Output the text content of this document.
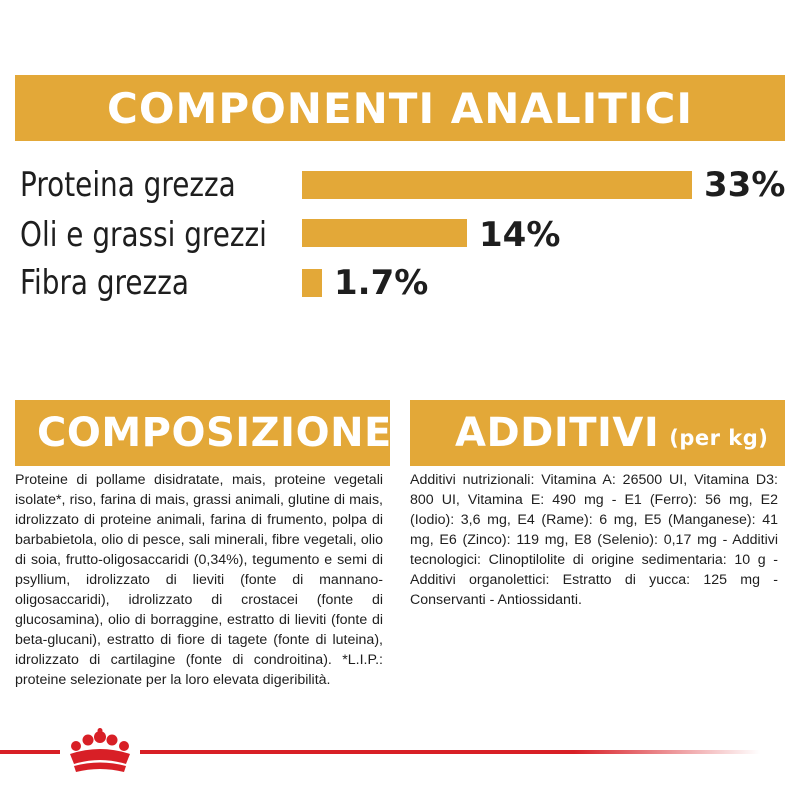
COMPONENTI ANALITICI
Proteina grezza	33%
Oli e grassi grezzi	14%
Fibra grezza	1.7%
COMPOSIZIONE
Proteine di pollame disidratate, mais, proteine vegetali isolate*, riso, farina di mais, grassi animali, glutine di mais, idrolizzato di proteine animali, farina di frumento, polpa di barbabietola, olio di pesce, sali minerali, fibre vegetali, olio di soia, frutto-oligosaccaridi (0,34%), tegumento e semi di psyllium, idrolizzato di lieviti (fonte di mannano-oligosaccaridi), idrolizzato di crostacei (fonte di glucosamina), olio di borraggine, estratto di lieviti (fonte di beta-glucani), estratto di fiore di tagete (fonte di luteina), idrolizzato di cartilagine (fonte di condroitina). *L.I.P.: proteine selezionate per la loro elevata digeribilità.
ADDITIVI (per kg)
Additivi nutrizionali: Vitamina A: 26500 UI, Vitamina D3: 800 UI, Vitamina E: 490 mg - E1 (Ferro): 56 mg, E2 (Iodio): 3,6 mg, E4 (Rame): 6 mg, E5 (Manganese): 41 mg, E6 (Zinco): 119 mg, E8 (Selenio): 0,17 mg - Additivi tecnologici: Clinoptilolite di origine sedimentaria: 10 g - Additivi organolettici: Estratto di yucca: 125 mg - Conservanti - Antiossidanti.
